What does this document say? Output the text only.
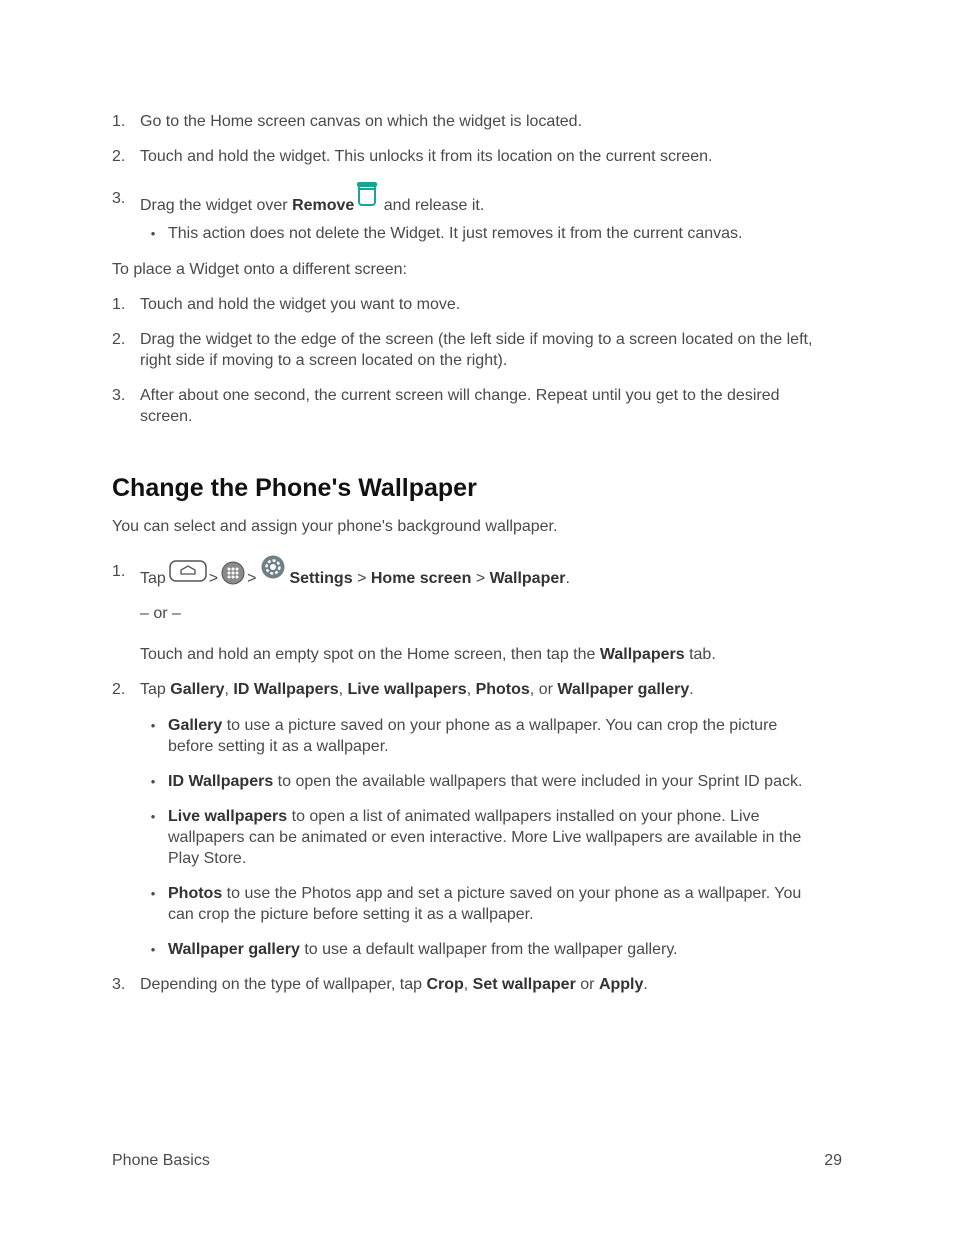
1. Go to the Home screen canvas on which the widget is located.
2. Touch and hold the widget. This unlocks it from its location on the current screen.
3. Drag the widget over Remove and release it.
• This action does not delete the Widget. It just removes it from the current canvas.
To place a Widget onto a different screen:
1. Touch and hold the widget you want to move.
2. Drag the widget to the edge of the screen (the left side if moving to a screen located on the left,
right side if moving to a screen located on the right).
3. After about one second, the current screen will change. Repeat until you get to the desired
screen.
Change the Phone's Wallpaper
You can select and assign your phone's background wallpaper.
1. Tap	> > Settings > Home screen > Wallpaper.
– or –
Touch and hold an empty spot on the Home screen, then tap the Wallpapers tab.
2. Tap Gallery, ID Wallpapers, Live wallpapers, Photos, or Wallpaper gallery.
• Gallery to use a picture saved on your phone as a wallpaper. You can crop the picture
before setting it as a wallpaper.
• ID Wallpapers to open the available wallpapers that were included in your Sprint ID pack.
• Live wallpapers to open a list of animated wallpapers installed on your phone. Live
wallpapers can be animated or even interactive. More Live wallpapers are available in the
Play Store.
• Photos to use the Photos app and set a picture saved on your phone as a wallpaper. You
can crop the picture before setting it as a wallpaper.
• Wallpaper gallery to use a default wallpaper from the wallpaper gallery.
3. Depending on the type of wallpaper, tap Crop, Set wallpaper or Apply.
Phone Basics	29
